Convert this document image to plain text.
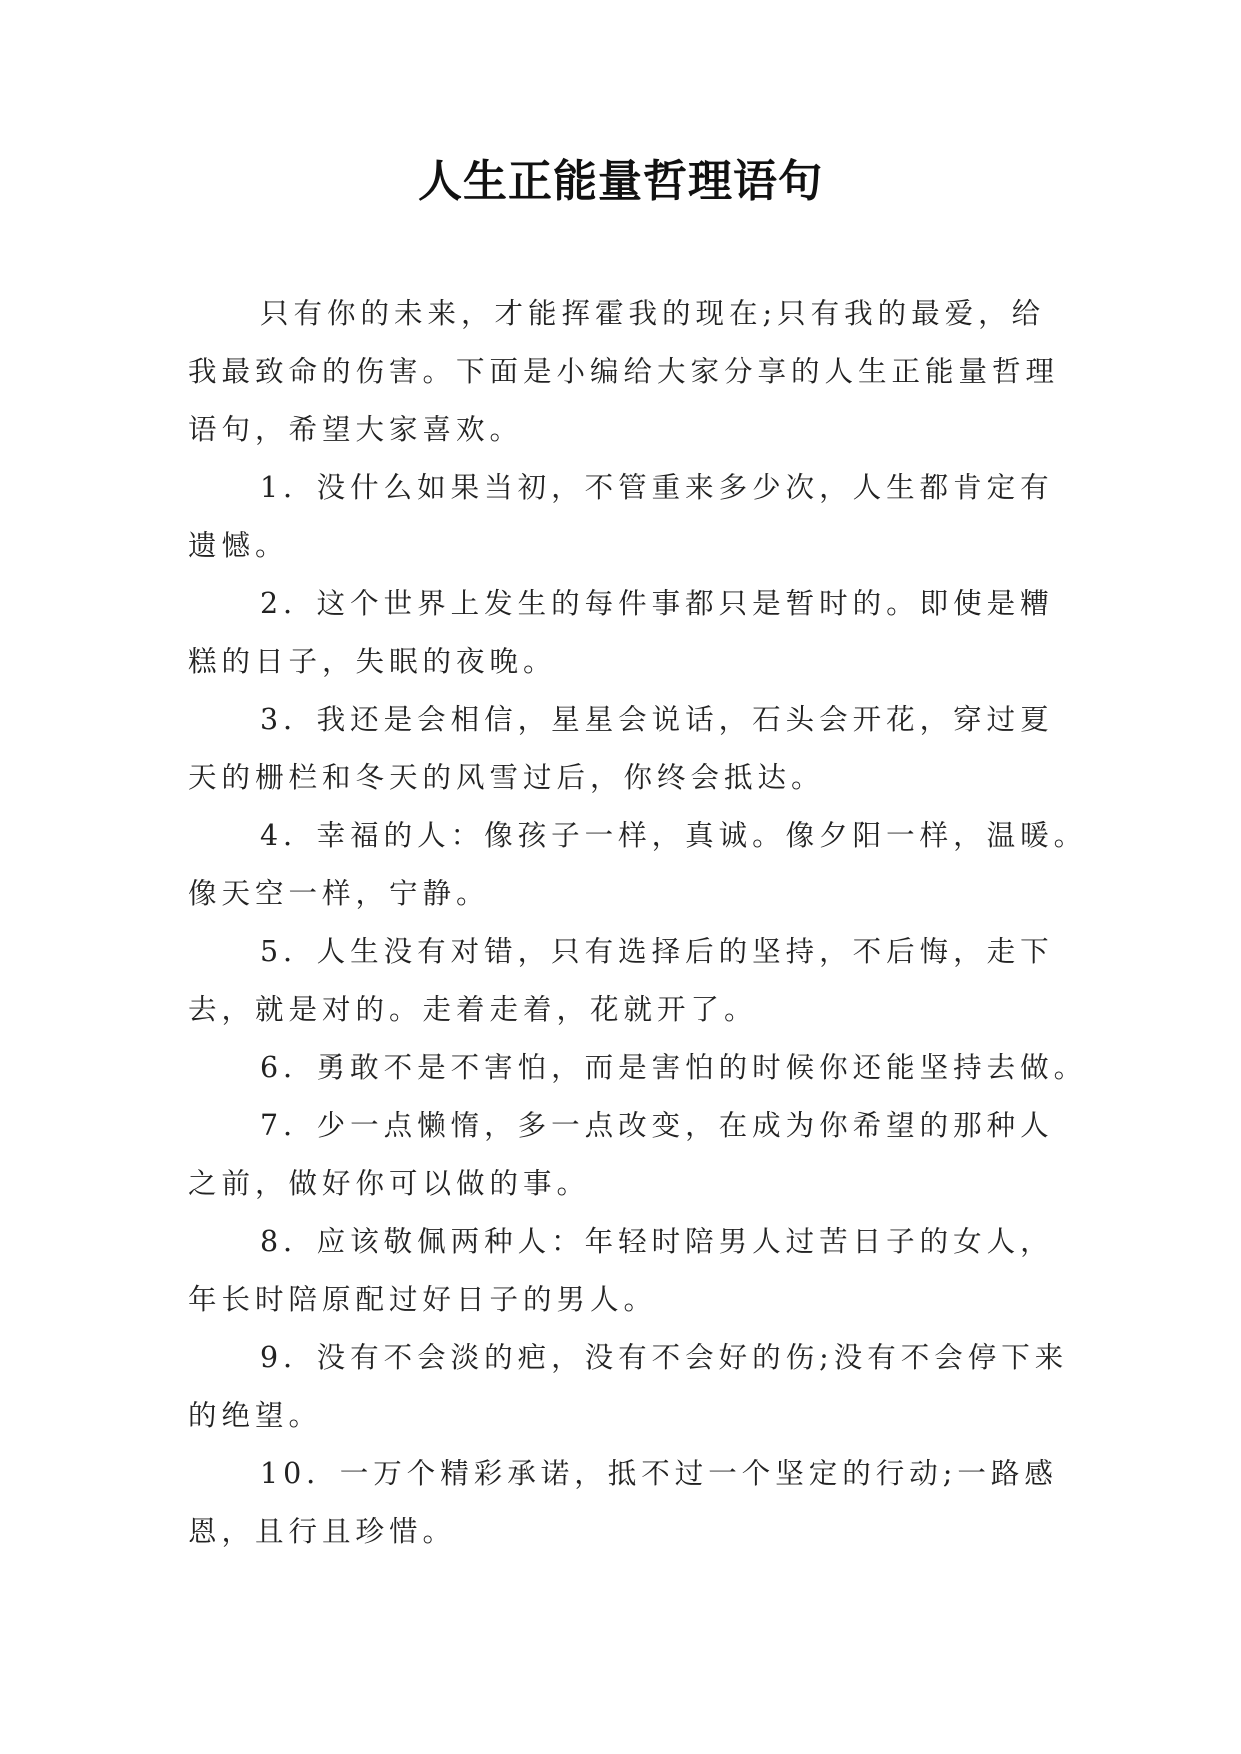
人生正能量哲理语句

只有你的未来，才能挥霍我的现在;只有我的最爱，给

我最致命的伤害。下面是小编给大家分享的人生正能量哲理

语句，希望大家喜欢。

1．没什么如果当初，不管重来多少次，人生都肯定有

遗憾。

2．这个世界上发生的每件事都只是暂时的。即使是糟

糕的日子，失眠的夜晚。

3．我还是会相信，星星会说话，石头会开花，穿过夏

天的栅栏和冬天的风雪过后，你终会抵达。

4．幸福的人：像孩子一样，真诚。像夕阳一样，温暖。

像天空一样，宁静。

5．人生没有对错，只有选择后的坚持，不后悔，走下

去，就是对的。走着走着，花就开了。

6．勇敢不是不害怕，而是害怕的时候你还能坚持去做。

7．少一点懒惰，多一点改变，在成为你希望的那种人

之前，做好你可以做的事。

8．应该敬佩两种人：年轻时陪男人过苦日子的女人，

年长时陪原配过好日子的男人。

9．没有不会淡的疤，没有不会好的伤;没有不会停下来

的绝望。

10．一万个精彩承诺，抵不过一个坚定的行动;一路感

恩，且行且珍惜。
